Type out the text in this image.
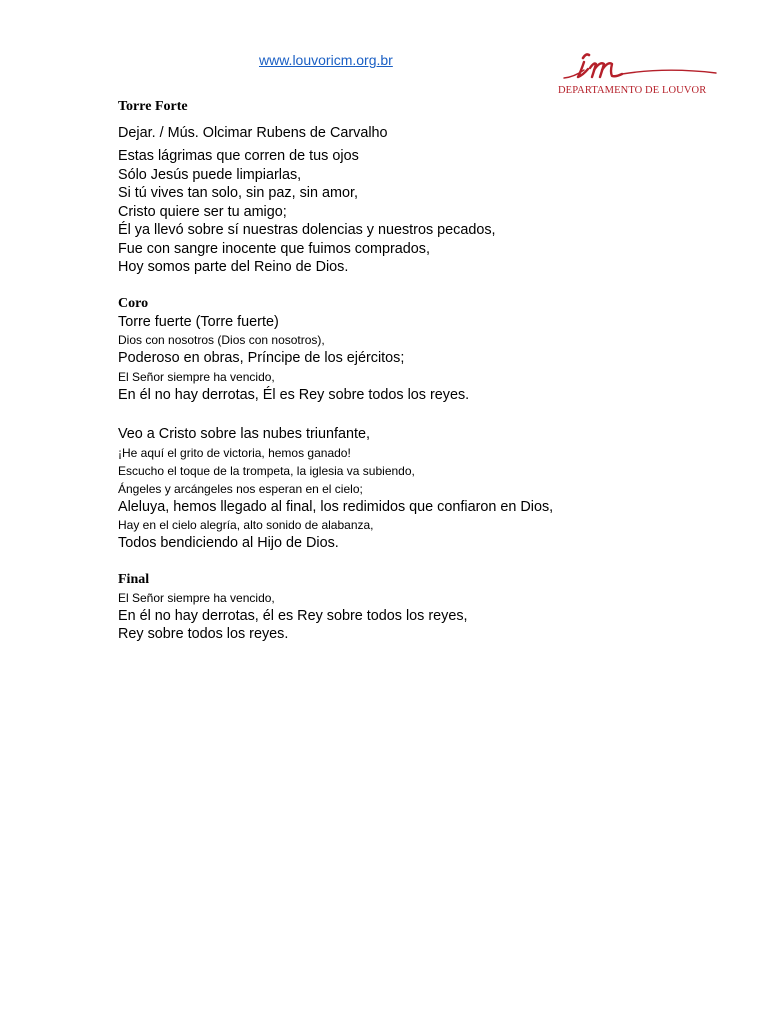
www.louvoricm.org.br
DEPARTAMENTO DE LOUVOR
Torre Forte
Dejar. / Mús. Olcimar Rubens de Carvalho
Estas lágrimas que corren de tus ojos
Sólo Jesús puede limpiarlas,
Si tú vives tan solo, sin paz, sin amor,
Cristo quiere ser tu amigo;
Él ya llevó sobre sí nuestras dolencias y nuestros pecados,
Fue con sangre inocente que fuimos comprados,
Hoy somos parte del Reino de Dios.
Coro
Torre fuerte (Torre fuerte)
Dios con nosotros (Dios con nosotros),
Poderoso en obras, Príncipe de los ejércitos;
El Señor siempre ha vencido,
En él no hay derrotas, Él es Rey sobre todos los reyes.
Veo a Cristo sobre las nubes triunfante,
¡He aquí el grito de victoria, hemos ganado!
Escucho el toque de la trompeta, la iglesia va subiendo,
Ángeles y arcángeles nos esperan en el cielo;
Aleluya, hemos llegado al final, los redimidos que confiaron en Dios,
Hay en el cielo alegría, alto sonido de alabanza,
Todos bendiciendo al Hijo de Dios.
Final
El Señor siempre ha vencido,
En él no hay derrotas, él es Rey sobre todos los reyes,
Rey sobre todos los reyes.
